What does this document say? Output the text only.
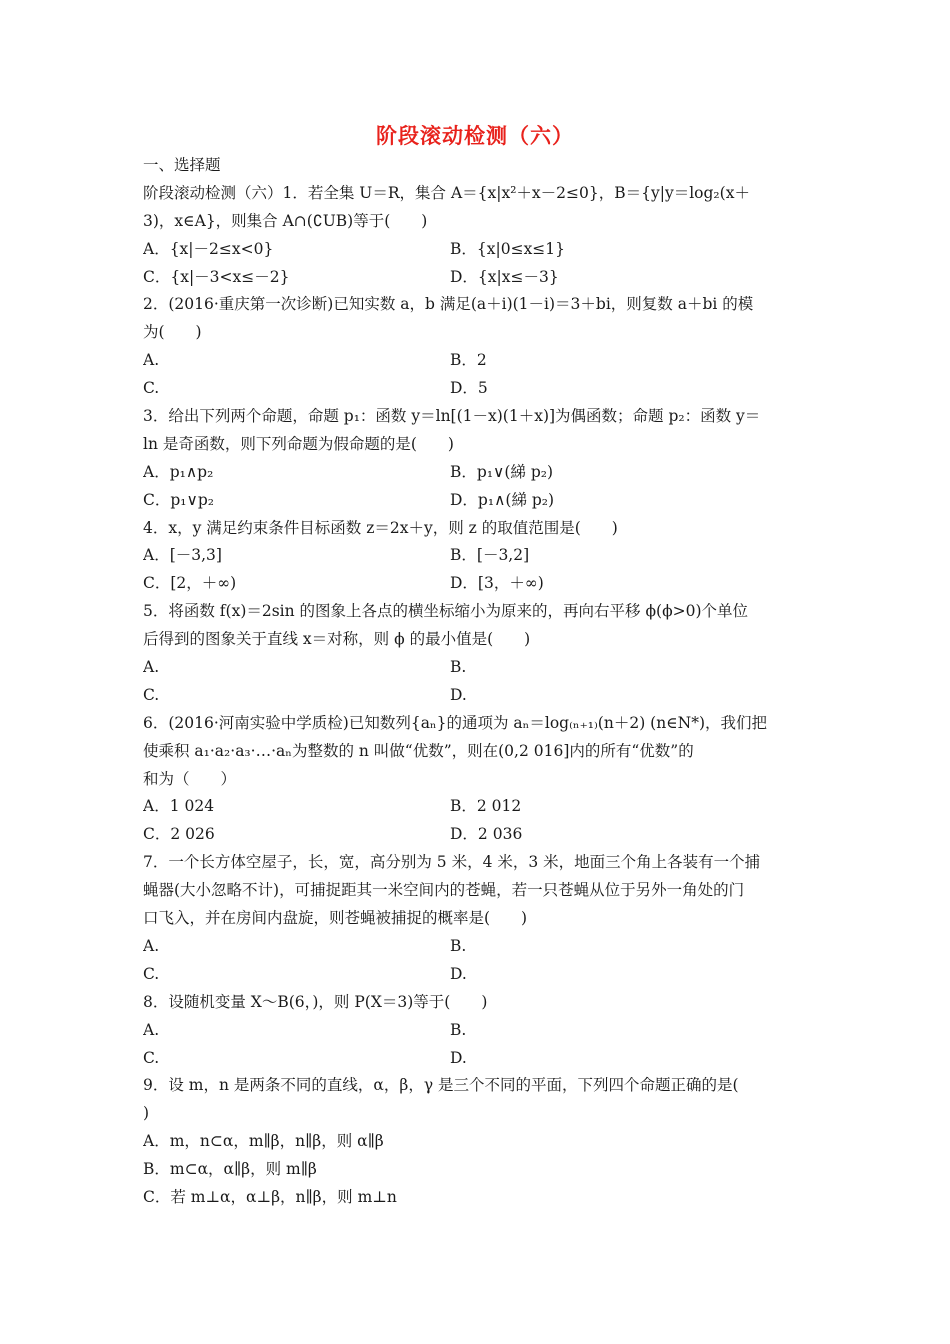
阶段滚动检测（六）
一、选择题
阶段滚动检测（六）1．若全集 U＝R，集合 A＝{x|x²＋x－2≤0}，B＝{y|y＝log₂(x＋
3)，x∈A}，则集合 A∩(∁UB)等于(　　)
A．{x|－2≤x<0}	B．{x|0≤x≤1}
C．{x|－3<x≤－2}	D．{x|x≤－3}
2．(2016·重庆第一次诊断)已知实数 a，b 满足(a＋i)(1－i)＝3＋bi，则复数 a＋bi 的模
为(　　)
A.	B．2
C.	D．5
3．给出下列两个命题，命题 p₁：函数 y＝ln[(1－x)(1＋x)]为偶函数；命题 p₂：函数 y＝
ln 是奇函数，则下列命题为假命题的是(　　)
A．p₁∧p₂	B．p₁∨(綈 p₂)
C．p₁∨p₂	D．p₁∧(綈 p₂)
4．x，y 满足约束条件目标函数 z＝2x＋y，则 z 的取值范围是(　　)
A．[－3,3]	B．[－3,2]
C．[2，＋∞)	D．[3，＋∞)
5．将函数 f(x)＝2sin 的图象上各点的横坐标缩小为原来的，再向右平移 ϕ(ϕ>0)个单位
后得到的图象关于直线 x＝对称，则 ϕ 的最小值是(　　)
A.	B.
C.	D.
6．(2016·河南实验中学质检)已知数列{aₙ}的通项为 aₙ＝log₍ₙ₊₁₎(n＋2) (n∈N*)，我们把
使乘积 a₁·a₂·a₃·…·aₙ为整数的 n 叫做“优数”，则在(0,2 016]内的所有“优数”的
和为（　　）
A．1 024	B．2 012
C．2 026	D．2 036
7．一个长方体空屋子，长，宽，高分别为 5 米，4 米，3 米，地面三个角上各装有一个捕
蝇器(大小忽略不计)，可捕捉距其一米空间内的苍蝇，若一只苍蝇从位于另外一角处的门
口飞入，并在房间内盘旋，则苍蝇被捕捉的概率是(　　)
A.	B.
C.	D.
8．设随机变量 X～B(6，)，则 P(X＝3)等于(　　)
A.	B.
C.	D.
9．设 m，n 是两条不同的直线，α，β，γ 是三个不同的平面，下列四个命题正确的是(
)
A．m，n⊂α，m∥β，n∥β，则 α∥β
B．m⊂α，α∥β，则 m∥β
C．若 m⊥α，α⊥β，n∥β，则 m⊥n
